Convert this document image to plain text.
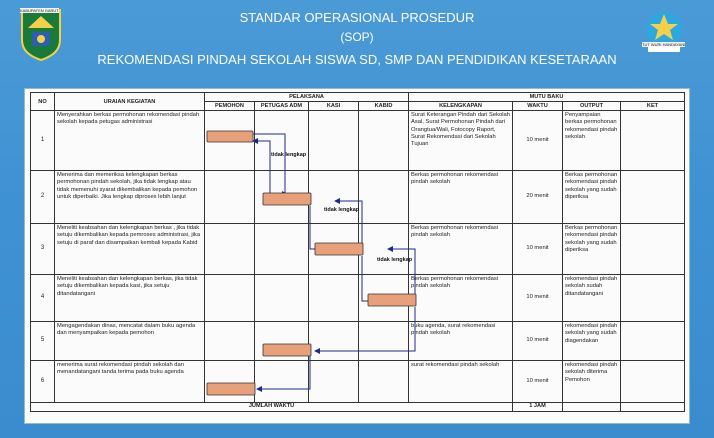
KABUPATEN GARUT	STANDAR OPERASIONAL PROSEDUR
(SOP)
REKOMENDASI PINDAH SEKOLAH SISWA SD, SMP DAN PENDIDIKAN KESETARAAN
TUT WURI HANDAYANI
NO	URAIAN KEGIATAN	PELAKSANA				MUTU BAKU			
		PEMOHON	PETUGAS ADM	KASI	KABID	KELENGKAPAN	WAKTU	OUTPUT	KET
1	Menyerahkan berkas permohonan rekomendasi pindah sekolah kepada petugas administrasi					Surat Keterangan Pindah dari Sekolah Asal, Surat Permohonan Pindah dari Orangtua/Wali, Fotocopy Raport, Surat Rekomendasi dari Sekolah Tujuan	10 menit	Penyampaian berkas permohonan rekomendasi pindah sekolah	
2	Menerima dan memeriksa kelengkapan berkas permohonan pindah sekolah, jika tidak lengkap atau tidak memenuhi syarat dikembalikan kepada pemohon untuk diperbaiki. Jika lengkap diproses lebih lanjut					Berkas permohonan rekomendasi pindah sekolah	20 menit	Berkas permohonan rekomendasi pindah sekolah yang sudah diperiksa	
3	Meneliti keabsahan dan kelengkapan berkas , jika tidak setuju dikembalikan kepada pemroses administrasi, jika setuju di paraf dan disampaikan kembali kepada Kabid					Berkas permohonan rekomendasi pindah sekolah	10 menit	Berkas permohonan rekomendasi pindah sekolah yang sudah diperiksa	
4	Meneliti keabsahan dan kelengkapan berkas, jika tidak setuju dikembalikan kepada kasi, jika setuju ditandatangani					Berkas permohonan rekomendasi pindah sekolah	10 menit	rekomendasi pindah sekolah sudah ditandatangani	
5	Mengagendakan dinas, mencatat dalam buku agenda dan menyampaikan kepada pemohon					buku agenda, surat rekomendasi pindah sekolah	10 menit	rekomendasi pindah sekolah yang sudah diagendakan	
6	menerima surat rekomendasi pindah sekolah dan menandatangani tanda terima pada buku agenda					surat rekomendasi pindah sekolah	10 menit	rekomendasi pindah sekolah diterima Pemohon	
JUMLAH WAKTU							1 JAM		
tidak lengkap
tidak lengkap
tidak lengkap
